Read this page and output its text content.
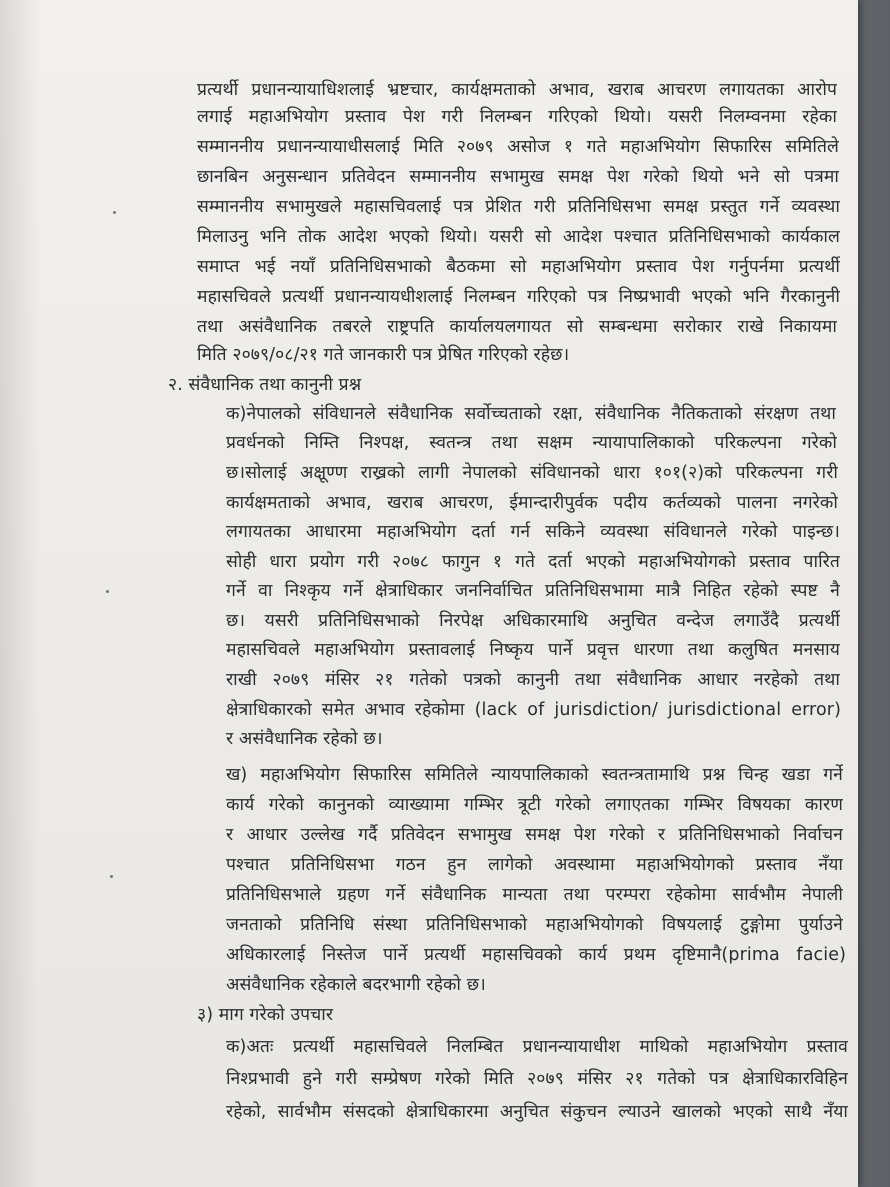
प्रत्यर्थी प्रधानन्यायाधिशलाई भ्रष्टचार, कार्यक्षमताको अभाव, खराब आचरण लगायतका आरोप
लगाई महाअभियोग प्रस्ताव पेश गरी निलम्बन गरिएको थियो। यसरी निलम्वनमा रहेका
सम्माननीय प्रधानन्यायाधीसलाई मिति २०७९ असोज १ गते महाअभियोग सिफारिस समितिले
छानबिन अनुसन्धान प्रतिवेदन सम्माननीय सभामुख समक्ष पेश गरेको थियो भने सो पत्रमा
सम्माननीय सभामुखले महासचिवलाई पत्र प्रेशित गरी प्रतिनिधिसभा समक्ष प्रस्तुत गर्ने व्यवस्था
मिलाउनु भनि तोक आदेश भएको थियो। यसरी सो आदेश पश्चात प्रतिनिधिसभाको कार्यकाल
समाप्त भई नयाँ प्रतिनिधिसभाको बैठकमा सो महाअभियोग प्रस्ताव पेश गर्नुपर्नमा प्रत्यर्थी
महासचिवले प्रत्यर्थी प्रधानन्यायधीशलाई निलम्बन गरिएको पत्र निष्प्रभावी भएको भनि गैरकानुनी
तथा असंवैधानिक तबरले राष्ट्रपति कार्यालयलगायत सो सम्बन्धमा सरोकार राखे निकायमा
मिति २०७९/०८/२१ गते जानकारी पत्र प्रेषित गरिएको रहेछ।
२. संवैधानिक तथा कानुनी प्रश्न
क)नेपालको संविधानले संवैधानिक सर्वोच्चताको रक्षा, संवैधानिक नैतिकताको संरक्षण तथा
प्रवर्धनको निम्ति निश्पक्ष, स्वतन्त्र तथा सक्षम न्यायापालिकाको परिकल्पना गरेको
छ।सोलाई अक्षूण्ण राख्रको लागी नेपालको संविधानको धारा १०१(२)को परिकल्पना गरी
कार्यक्षमताको अभाव, खराब आचरण, ईमान्दारीपुर्वक पदीय कर्तव्यको पालना नगरेको
लगायतका आधारमा महाअभियोग दर्ता गर्न सकिने व्यवस्था संविधानले गरेको पाइन्छ।
सोही धारा प्रयोग गरी २०७८ फागुन १ गते दर्ता भएको महाअभियोगको प्रस्ताव पारित
गर्ने वा निश्कृय गर्ने क्षेत्राधिकार जननिर्वाचित प्रतिनिधिसभामा मात्रै निहित रहेको स्पष्ट नै
छ। यसरी प्रतिनिधिसभाको निरपेक्ष अधिकारमाथि अनुचित वन्देज लगाउँदै प्रत्यर्थी
महासचिवले महाअभियोग प्रस्तावलाई निष्कृय पार्ने प्रवृत्त धारणा तथा कलुषित मनसाय
राखी २०७९ मंसिर २१ गतेको पत्रको कानुनी तथा संवैधानिक आधार नरहेको तथा
क्षेत्राधिकारको समेत अभाव रहेकोमा (lack of jurisdiction/ jurisdictional error)
र असंवैधानिक रहेको छ।
ख) महाअभियोग सिफारिस समितिले न्यायपालिकाको स्वतन्त्रतामाथि प्रश्न चिन्ह खडा गर्ने
कार्य गरेको कानुनको व्याख्यामा गम्भिर त्रूटी गरेको लगाएतका गम्भिर विषयका कारण
र आधार उल्लेख गर्दै प्रतिवेदन सभामुख समक्ष पेश गरेको र प्रतिनिधिसभाको निर्वाचन
पश्चात प्रतिनिधिसभा गठन हुन लागेको अवस्थामा महाअभियोगको प्रस्ताव नँया
प्रतिनिधिसभाले ग्रहण गर्ने संवैधानिक मान्यता तथा परम्परा रहेकोमा सार्वभौम नेपाली
जनताको प्रतिनिधि संस्था प्रतिनिधिसभाको महाअभियोगको विषयलाई टुङ्गोमा पुर्याउने
अधिकारलाई निस्तेज पार्ने प्रत्यर्थी महासचिवको कार्य प्रथम दृष्टिमानै(prima facie)
असंवैधानिक रहेकाले बदरभागी रहेको छ।
३) माग गरेको उपचार
क)अतः प्रत्यर्थी महासचिवले निलम्बित प्रधानन्यायाधीश माथिको महाअभियोग प्रस्ताव
निश्प्रभावी हुने गरी सम्प्रेषण गरेको मिति २०७९ मंसिर २१ गतेको पत्र क्षेत्राधिकारविहिन
रहेको, सार्वभौम संसदको क्षेत्राधिकारमा अनुचित संकुचन ल्याउने खालको भएको साथै नँया
